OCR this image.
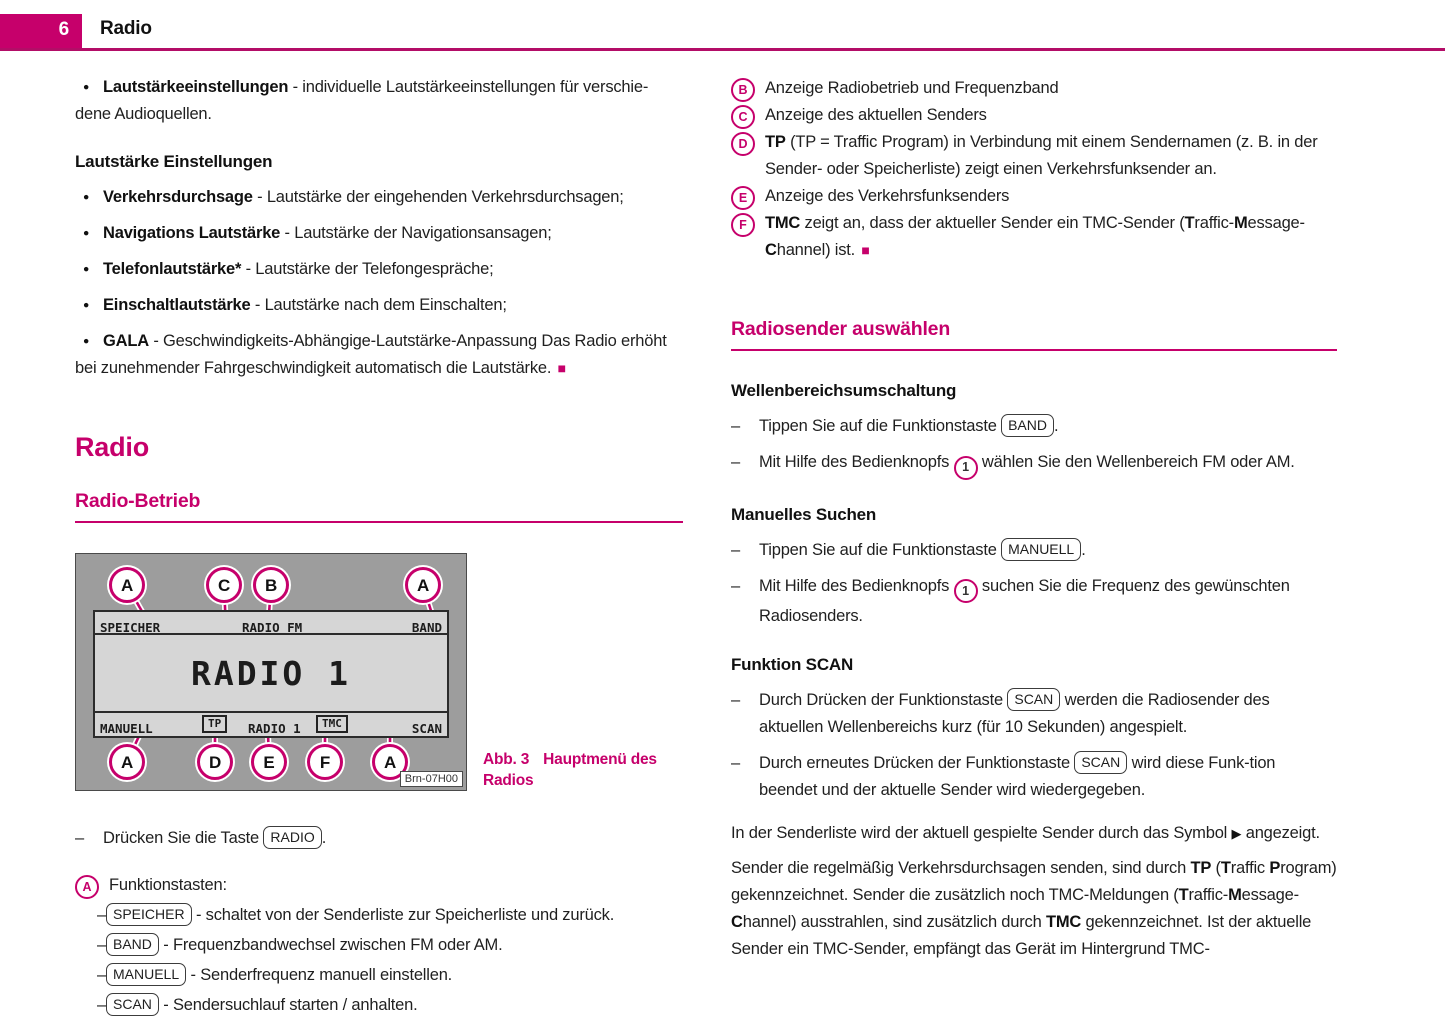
6 Radio

● Lautstärkeeinstellungen - individuelle Lautstärkeeinstellungen für verschie-​dene Audioquellen.

Lautstärke Einstellungen

● Verkehrsdurchsage - Lautstärke der eingehenden Verkehrsdurchsagen;

● Navigations Lautstärke - Lautstärke der Navigationsansagen;

● Telefonlautstärke* - Lautstärke der Telefongespräche;

● Einschaltlautstärke - Lautstärke nach dem Einschalten;

● GALA - Geschwindigkeits-Abhängige-Lautstärke-Anpassung Das Radio erhöht bei zunehmender Fahrgeschwindigkeit automatisch die Lautstärke. ■

Radio
Radio-Betrieb
SPEICHER	RADIO FM	BAND
RADIO 1
MANUELL	TP	RADIO 1	TMC	SCAN
A	C	B	A
A	D	E	F	A
Brn-07H00
Abb. 3 Hauptmenü des Radios

– Drücken Sie die Taste RADIO .

A	Funktionstasten:

– SPEICHER - schaltet von der Senderliste zur Speicherliste und zurück.

– BAND - Frequenzbandwechsel zwischen FM oder AM.

– MANUELL - Senderfrequenz manuell einstellen.

– SCAN - Sendersuchlauf starten / anhalten.

B	Anzeige Radiobetrieb und Frequenzband

C	Anzeige des aktuellen Senders

D	TP (TP = Traffic Program) in Verbindung mit einem Sendernamen (z. B. in der Sender- oder Speicherliste) zeigt einen Verkehrsfunksender an.

E	Anzeige des Verkehrsfunksenders

F	TMC zeigt an, dass der aktueller Sender ein TMC-Sender (Traffic-Message-Channel) ist. ■

Radiosender auswählen

Wellenbereichsumschaltung

– Tippen Sie auf die Funktionstaste BAND .

– Mit Hilfe des Bedienknopfs 1 wählen Sie den Wellenbereich FM oder AM.

Manuelles Suchen

– Tippen Sie auf die Funktionstaste MANUELL .

– Mit Hilfe des Bedienknopfs 1 suchen Sie die Frequenz des gewünschten Radiosenders.

Funktion SCAN

– Durch Drücken der Funktionstaste SCAN werden die Radiosender des aktuellen Wellenbereichs kurz (für 10 Sekunden) angespielt.

– Durch erneutes Drücken der Funktionstaste SCAN wird diese Funk-​tion beendet und der aktuelle Sender wird wiedergegeben.

In der Senderliste wird der aktuell gespielte Sender durch das Symbol ▶ angezeigt.

Sender die regelmäßig Verkehrsdurchsagen senden, sind durch TP (Traffic Program) gekennzeichnet. Sender die zusätzlich noch TMC-Meldungen (Traffic-Message-Channel) ausstrahlen, sind zusätzlich durch TMC gekennzeichnet. Ist der aktuelle Sender ein TMC-Sender, empfängt das Gerät im Hintergrund TMC-
